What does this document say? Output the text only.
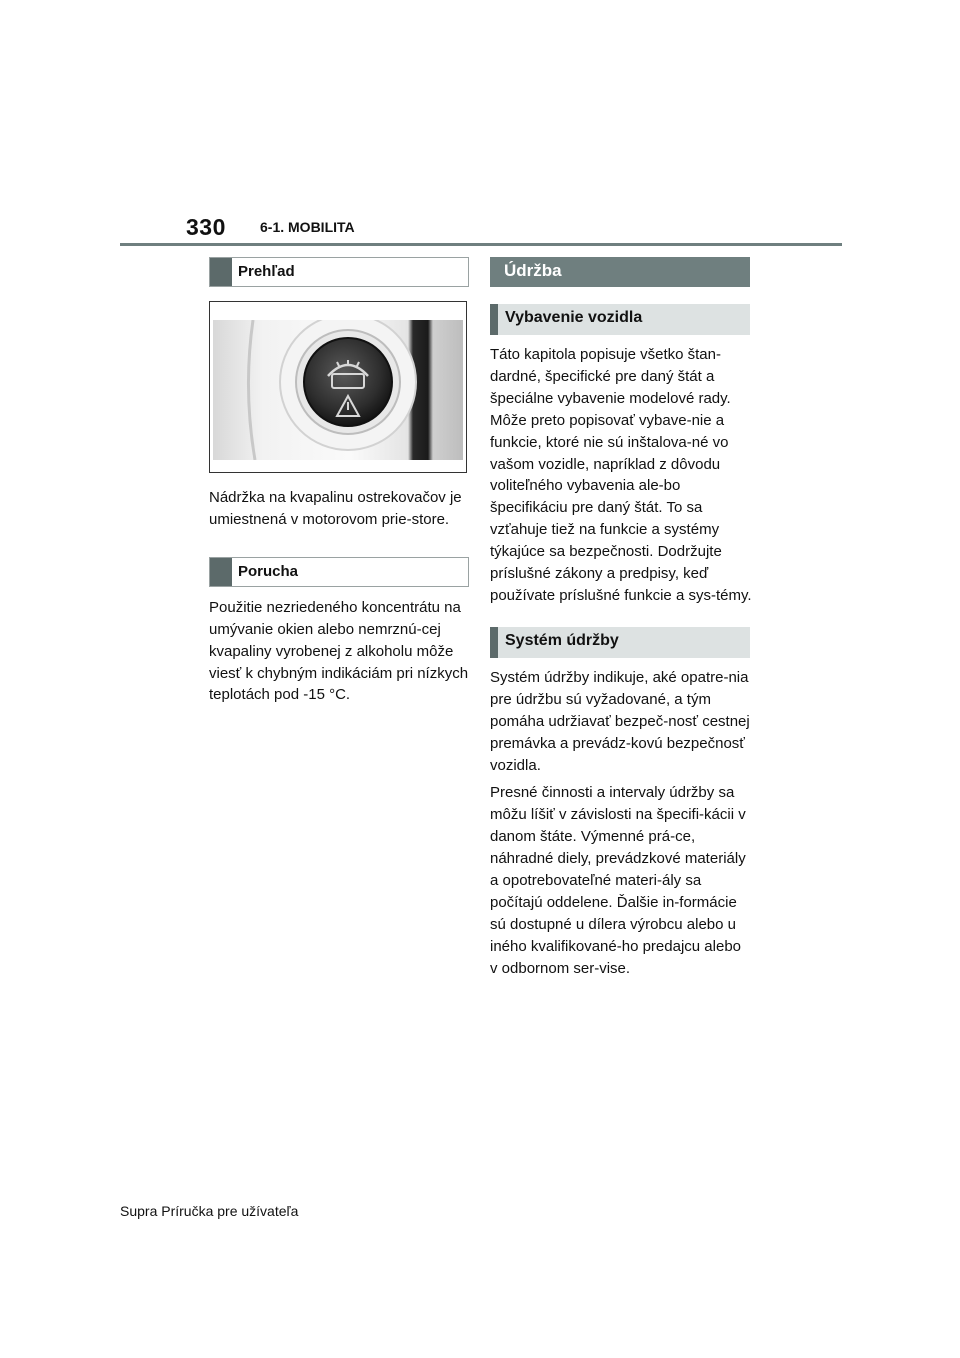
330 6-1. MOBILITA
Prehľad

Nádržka na kvapalinu ostrekovačov je umiestnená v motorovom prie-store.

Porucha

Použitie nezriedeného koncentrátu na umývanie okien alebo nemrznú-cej kvapaliny vyrobenej z alkoholu môže viesť k chybným indikáciám pri nízkych teplotách pod -15 °C.

Údržba
Vybavenie vozidla

Táto kapitola popisuje všetko štan-dardné, špecifické pre daný štát a špeciálne vybavenie modelové rady. Môže preto popisovať vybave-nie a funkcie, ktoré nie sú inštalova-né vo vašom vozidle, napríklad z dôvodu voliteľného vybavenia ale-bo špecifikáciu pre daný štát. To sa vzťahuje tiež na funkcie a systémy týkajúce sa bezpečnosti. Dodržujte príslušné zákony a predpisy, keď používate príslušné funkcie a sys-témy.

Systém údržby

Systém údržby indikuje, aké opatre-nia pre údržbu sú vyžadované, a tým pomáha udržiavať bezpeč-nosť cestnej premávka a prevádz-kovú bezpečnosť vozidla.

Presné činnosti a intervaly údržby sa môžu líšiť v závislosti na špecifi-kácii v danom štáte. Výmenné prá-ce, náhradné diely, prevádzkové materiály a opotrebovateľné materi-ály sa počítajú oddelene. Ďalšie in-formácie sú dostupné u dílera výrobcu alebo u iného kvalifikované-ho predajcu alebo v odbornom ser-vise.

Supra Príručka pre užívateľa
